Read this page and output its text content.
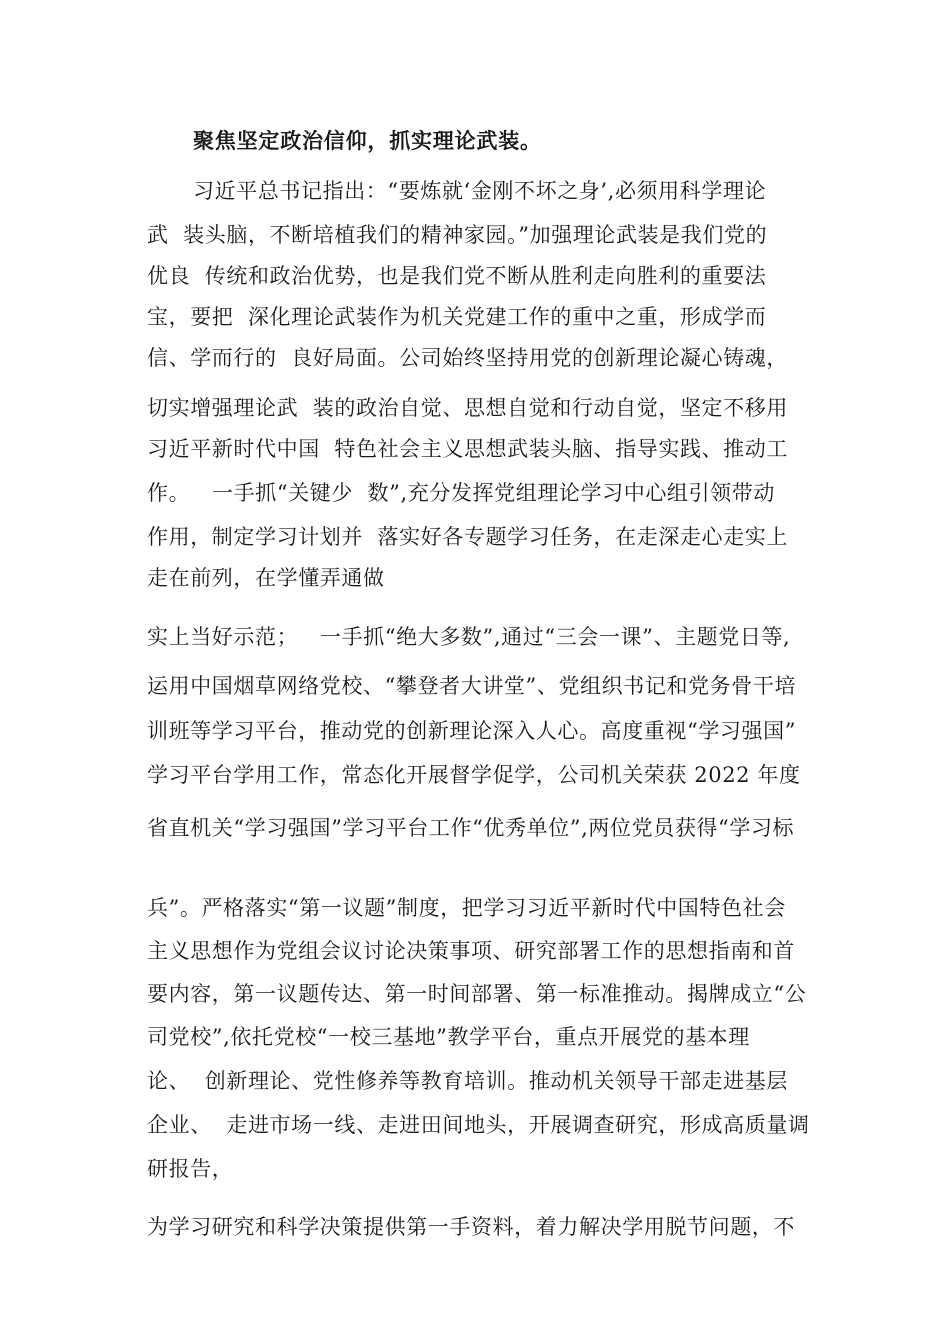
聚焦坚定政治信仰，抓实理论武装。
习近平总书记指出：“要炼就‘金刚不坏之身’,必须用科学理论
武  装头脑，不断培植我们的精神家园。”加强理论武装是我们党的
优良  传统和政治优势，也是我们党不断从胜利走向胜利的重要法
宝，要把  深化理论武装作为机关党建工作的重中之重，形成学而
信、学而行的  良好局面。公司始终坚持用党的创新理论凝心铸魂，
切实增强理论武  装的政治自觉、思想自觉和行动自觉，坚定不移用
习近平新时代中国  特色社会主义思想武装头脑、指导实践、推动工
作。   一手抓“关键少  数”,充分发挥党组理论学习中心组引领带动
作用，制定学习计划并  落实好各专题学习任务，在走深走心走实上
走在前列，在学懂弄通做
实上当好示范；   一手抓“绝大多数”,通过“三会一课”、主题党日等,
运用中国烟草网络党校、“攀登者大讲堂”、党组织书记和党务骨干培
训班等学习平台，推动党的创新理论深入人心。高度重视“学习强国”
学习平台学用工作，常态化开展督学促学，公司机关荣获 2022 年度
省直机关“学习强国”学习平台工作“优秀单位”,两位党员获得“学习标
兵”。严格落实“第一议题”制度，把学习习近平新时代中国特色社会
主义思想作为党组会议讨论决策事项、研究部署工作的思想指南和首
要内容，第一议题传达、第一时间部署、第一标准推动。揭牌成立“公
司党校”,依托党校“一校三基地”教学平台，重点开展党的基本理
论、  创新理论、党性修养等教育培训。推动机关领导干部走进基层
企业、  走进市场一线、走进田间地头，开展调查研究，形成高质量调
研报告，
为学习研究和科学决策提供第一手资料，着力解决学用脱节问题，不
